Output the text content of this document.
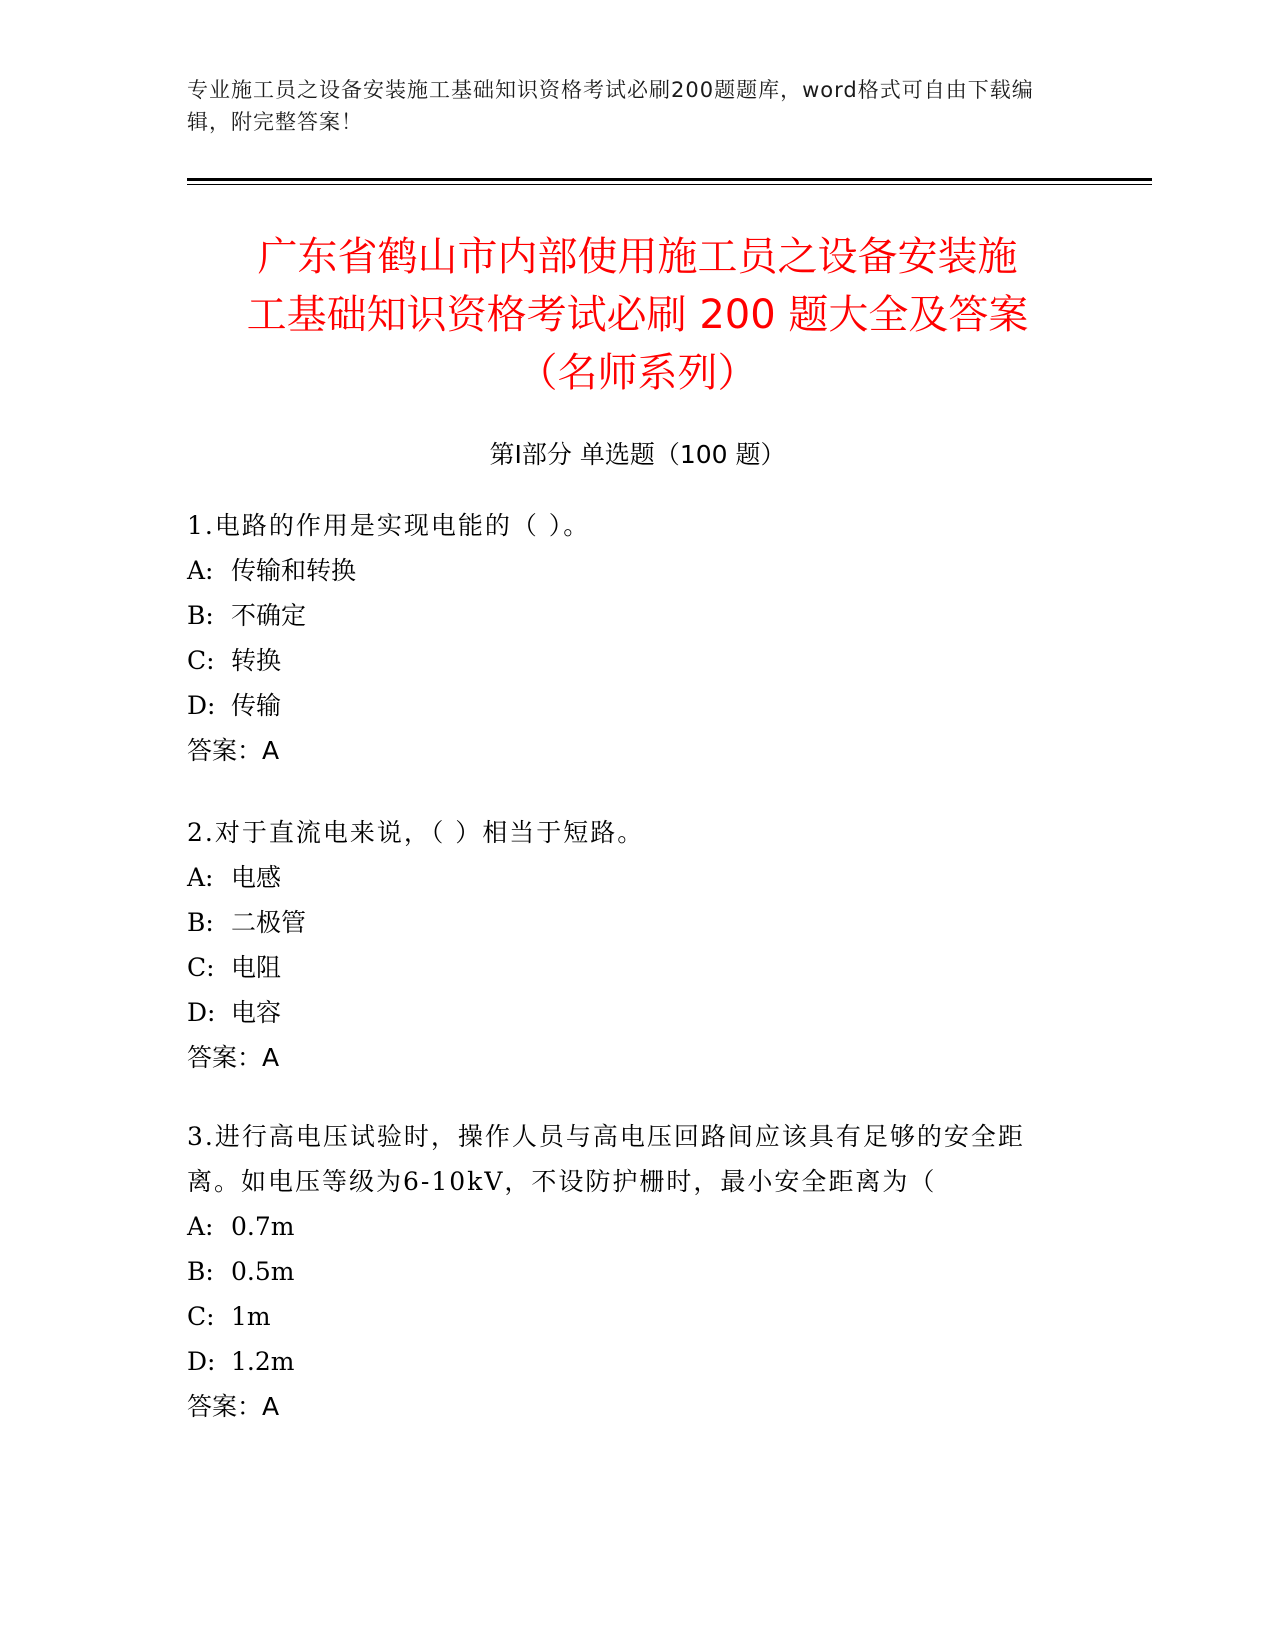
专业施工员之设备安装施工基础知识资格考试必刷200题题库，word格式可自由下载编辑，附完整答案！
广东省鹤山市内部使用施工员之设备安装施
工基础知识资格考试必刷 200 题大全及答案
（名师系列）
第Ⅰ部分 单选题（100 题）
1.电路的作用是实现电能的（ ）。
A: 传输和转换
B: 不确定
C: 转换
D: 传输
答案：A
2.对于直流电来说，（ ）相当于短路。
A: 电感
B: 二极管
C: 电阻
D: 电容
答案：A
3.进行高电压试验时，操作人员与高电压回路间应该具有足够的安全距离。如电压等级为6-10kV，不设防护栅时，最小安全距离为（
A: 0.7m
B: 0.5m
C: 1m
D: 1.2m
答案：A
